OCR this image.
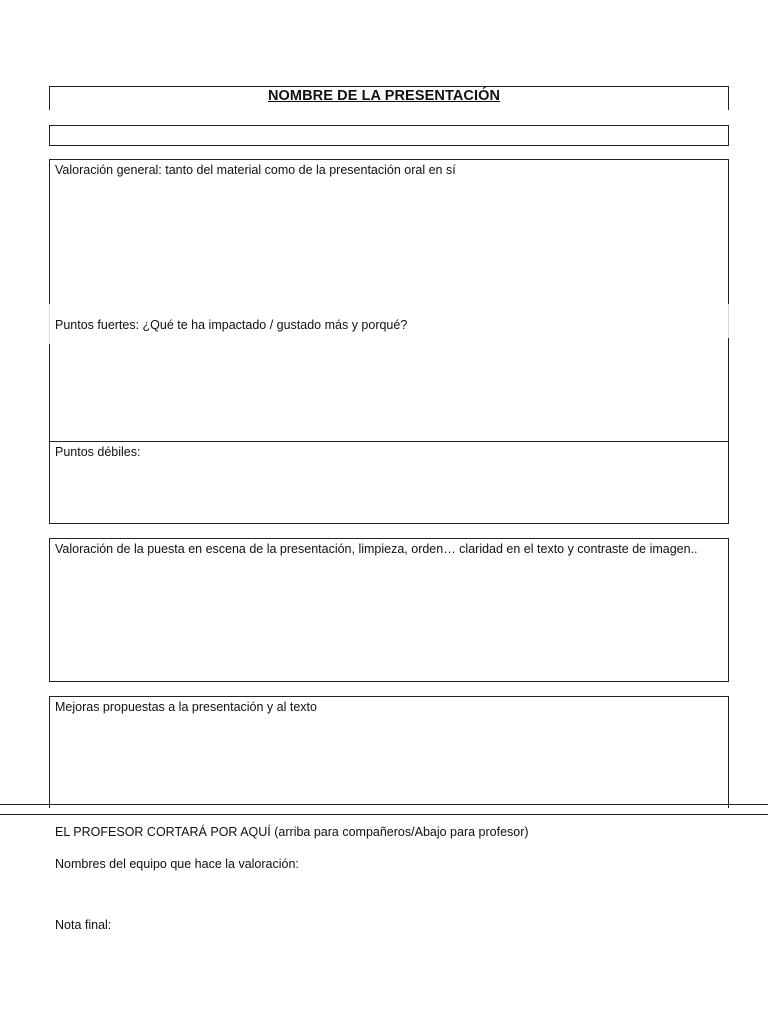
NOMBRE DE LA PRESENTACIÓN
Valoración general: tanto del material como de la presentación oral en sí
Puntos fuertes: ¿Qué te ha impactado / gustado más y porqué?
Puntos débiles:
Valoración de la puesta en escena de la presentación, limpieza, orden… claridad en el texto y contraste de imagen..
Mejoras propuestas a la presentación y al texto
EL PROFESOR CORTARÁ POR AQUÍ (arriba para compañeros/Abajo para profesor)
Nombres del equipo que hace la valoración:
Nota final:
